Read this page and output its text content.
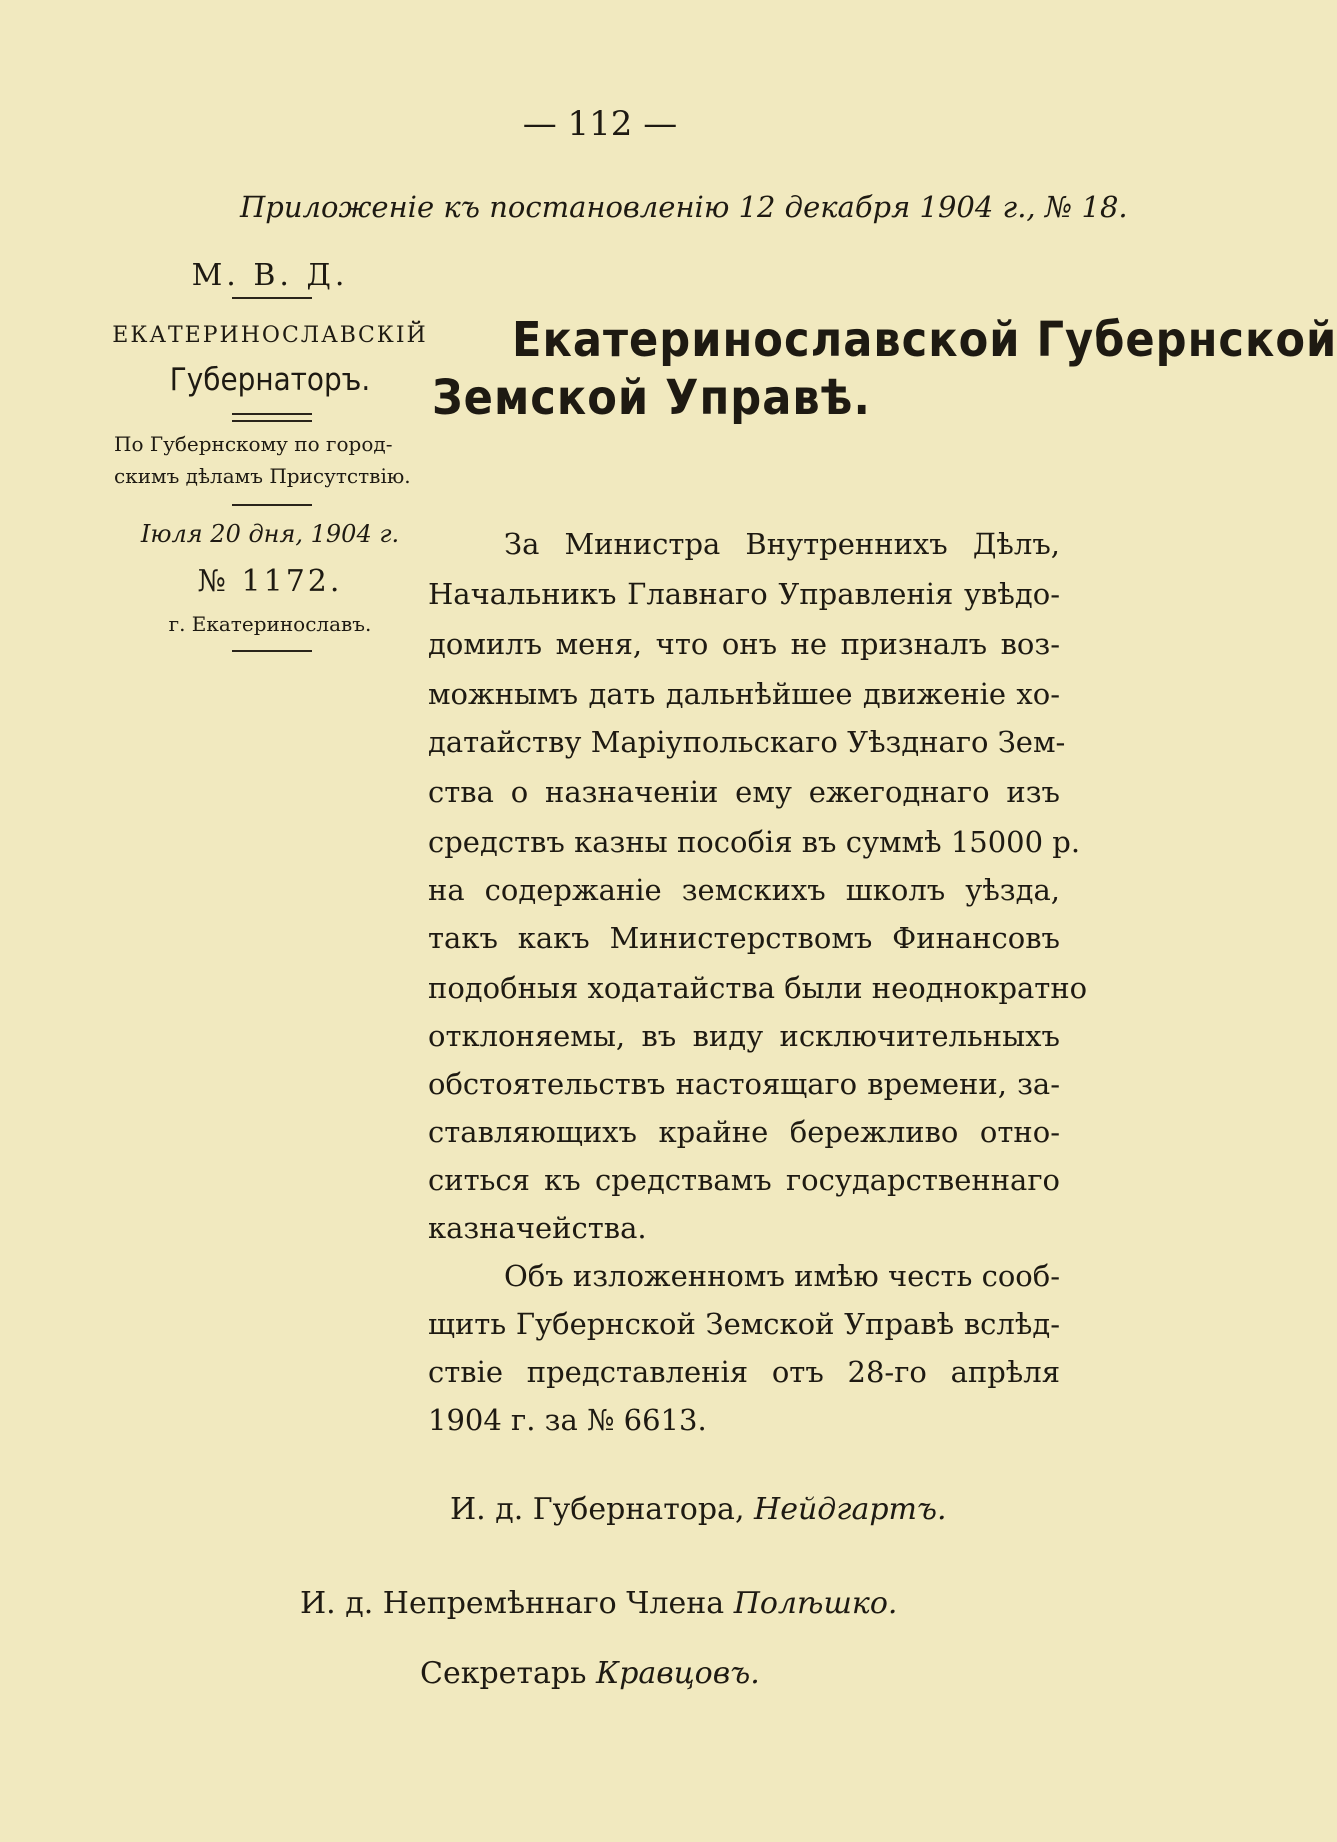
— 112 —
Приложеніе къ постановленію 12 декабря 1904 г., № 18.
М. В. Д.
ЕКАТЕРИНОСЛАВСКІЙ
Губернаторъ.
По Губернскому по город-
скимъ дѣламъ Присутствію.
Іюля 20 дня, 1904 г.
№ 1172.
г. Екатеринославъ.
Екатеринославской Губернской
Земской Управѣ.
За Министра Внутреннихъ Дѣлъ,
Начальникъ Главнаго Управленія увѣдо-
домилъ меня, что онъ не призналъ воз-
можнымъ дать дальнѣйшее движеніе хо-
датайству Маріупольскаго Уѣзднаго Зем-
ства о назначеніи ему ежегоднаго изъ
средствъ казны пособія въ суммѣ 15000 р.
на содержаніе земскихъ школъ уѣзда,
такъ какъ Министерствомъ Финансовъ
подобныя ходатайства были неоднократно
отклоняемы, въ виду исключительныхъ
обстоятельствъ настоящаго времени, за-
ставляющихъ крайне бережливо отно-
ситься къ средствамъ государственнаго
казначейства.
Объ изложенномъ имѣю честь сооб-
щить Губернской Земской Управѣ вслѣд-
ствіе представленія отъ 28-го апрѣля
1904 г. за № 6613.
И. д. Губернатора, Нейдгартъ.
И. д. Непремѣннаго Члена Полѣшко.
Секретарь Кравцовъ.
